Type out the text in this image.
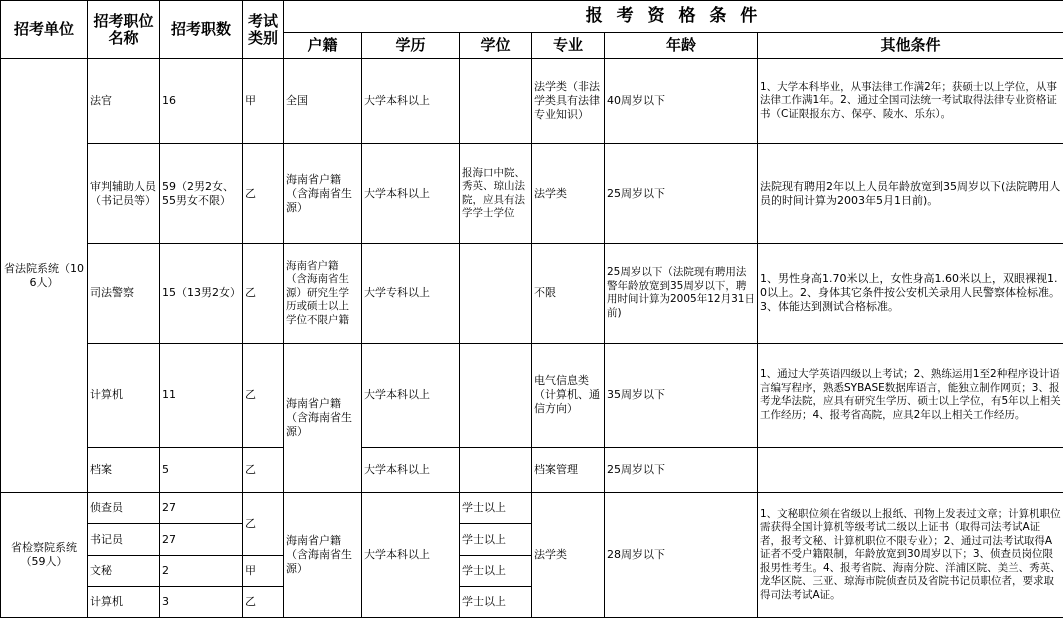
招考单位	招考职位名称	招考职数	考试类别	报 考 资 格 条 件					
				户籍	学历	学位	专业	年龄	其他条件
省法院系统（106人）	法官	16	甲	全国	大学本科以上		法学类（非法学类具有法律专业知识）	40周岁以下	1、大学本科毕业，从事法律工作满2年；获硕士以上学位，从事法律工作满1年。2、通过全国司法统一考试取得法律专业资格证书（C证限报东方、保亭、陵水、乐东）。
	审判辅助人员（书记员等）	59（2男2女、55男女不限）	乙	海南省户籍（含海南省生源）	大学本科以上	报海口中院、秀英、琼山法院，应具有法学学士学位	法学类	25周岁以下	法院现有聘用2年以上人员年龄放宽到35周岁以下(法院聘用人员的时间计算为2003年5月1日前)。
	司法警察	15（13男2女）	乙	海南省户籍（含海南省生源）研究生学历或硕士以上学位不限户籍	大学专科以上		不限	25周岁以下（法院现有聘用法警年龄放宽到35周岁以下，聘用时间计算为2005年12月31日前)	1、男性身高1.70米以上，女性身高1.60米以上，双眼裸视1.0以上。2、身体其它条件按公安机关录用人民警察体检标准。3、体能达到测试合格标准。
	计算机	11	乙	海南省户籍（含海南省生源）	大学本科以上		电气信息类（计算机、通信方向）	35周岁以下	1、通过大学英语四级以上考试；2、熟练运用1至2种程序设计语言编写程序，熟悉SYBASE数据库语言，能独立制作网页；3、报考龙华法院，应具有研究生学历、硕士以上学位，有5年以上相关工作经历；4、报考省高院，应具2年以上相关工作经历。
	档案	5	乙		大学本科以上		档案管理	25周岁以下	
省检察院系统（59人）	侦查员	27	乙	海南省户籍（含海南省生源）	大学本科以上	学士以上	法学类	28周岁以下	1、文秘职位须在省级以上报纸、刊物上发表过文章；计算机职位需获得全国计算机等级考试二级以上证书（取得司法考试A证者，报考文秘、计算机职位不限专业）；2、通过司法考试取得A证者不受户籍限制，年龄放宽到30周岁以下；3、侦查员岗位限报男性考生。4、报考省院、海南分院、洋浦区院、美兰、秀英、龙华区院、三亚、琼海市院侦查员及省院书记员职位者，要求取得司法考试A证。
	书记员	27				学士以上			
	文秘	2	甲			学士以上			
	计算机	3	乙			学士以上			
